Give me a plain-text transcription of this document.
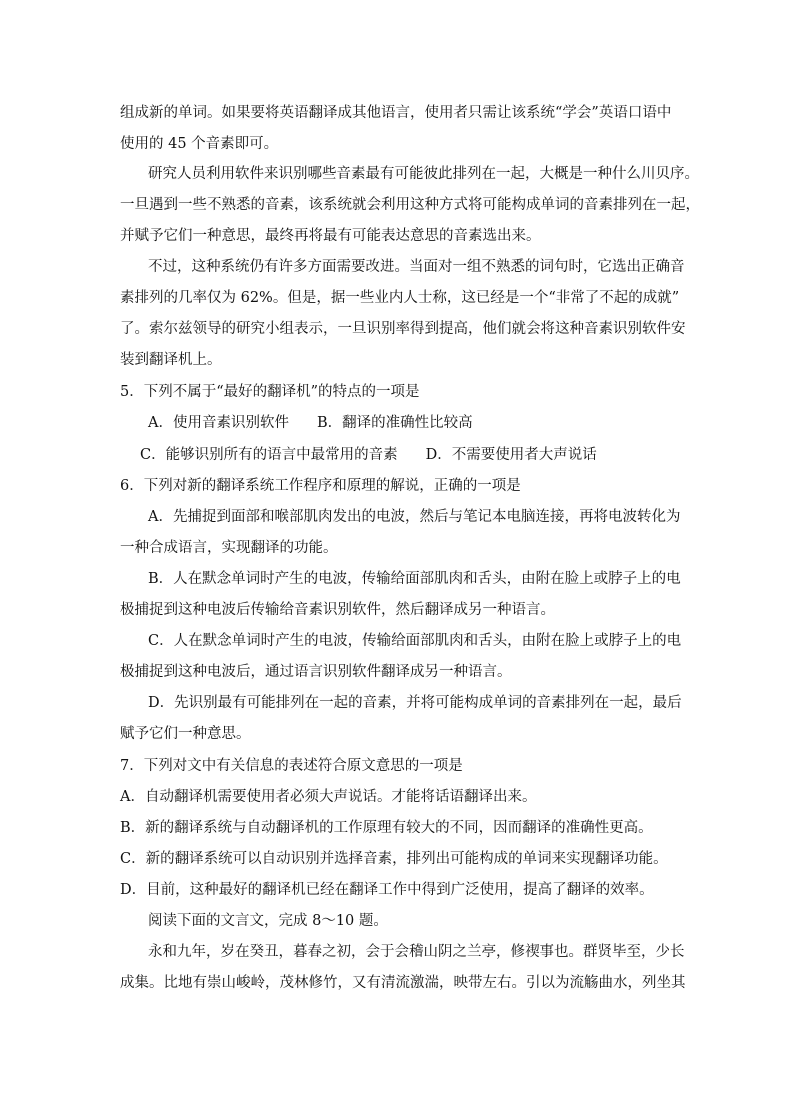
组成新的单词。如果要将英语翻译成其他语言，使用者只需让该系统“学会”英语口语中
使用的 45 个音素即可。
研究人员利用软件来识别哪些音素最有可能彼此排列在一起，大概是一种什么川贝序。
一旦遇到一些不熟悉的音素，该系统就会利用这种方式将可能构成单词的音素排列在一起，
并赋予它们一种意思，最终再将最有可能表达意思的音素选出来。
不过，这种系统仍有许多方面需要改进。当面对一组不熟悉的词句时，它选出正确音
素排列的几率仅为 62%。但是，据一些业内人士称，这已经是一个“非常了不起的成就”
了。索尔兹领导的研究小组表示，一旦识别率得到提高，他们就会将这种音素识别软件安
装到翻译机上。
5．下列不属于“最好的翻译机”的特点的一项是
A．使用音素识别软件 B．翻译的准确性比较高
C．能够识别所有的语言中最常用的音素 D．不需要使用者大声说话
6．下列对新的翻译系统工作程序和原理的解说，正确的一项是
A．先捕捉到面部和喉部肌肉发出的电波，然后与笔记本电脑连接，再将电波转化为
一种合成语言，实现翻译的功能。
B．人在默念单词时产生的电波，传输给面部肌肉和舌头，由附在脸上或脖子上的电
极捕捉到这种电波后传输给音素识别软件，然后翻译成另一种语言。
C．人在默念单词时产生的电波，传输给面部肌肉和舌头，由附在脸上或脖子上的电
极捕捉到这种电波后，通过语言识别软件翻译成另一种语言。
D．先识别最有可能排列在一起的音素，并将可能构成单词的音素排列在一起，最后
赋予它们一种意思。
7．下列对文中有关信息的表述符合原文意思的一项是
A．自动翻译机需要使用者必须大声说话。才能将话语翻译出来。
B．新的翻译系统与自动翻译机的工作原理有较大的不同，因而翻译的准确性更高。
C．新的翻译系统可以自动识别并选择音素，排列出可能构成的单词来实现翻译功能。
D．目前，这种最好的翻译机已经在翻译工作中得到广泛使用，提高了翻译的效率。
阅读下面的文言文，完成 8～10 题。
永和九年，岁在癸丑，暮春之初，会于会稽山阴之兰亭，修禊事也。群贤毕至，少长
成集。比地有崇山峻岭，茂林修竹，又有清流激湍，映带左右。引以为流觞曲水，列坐其
